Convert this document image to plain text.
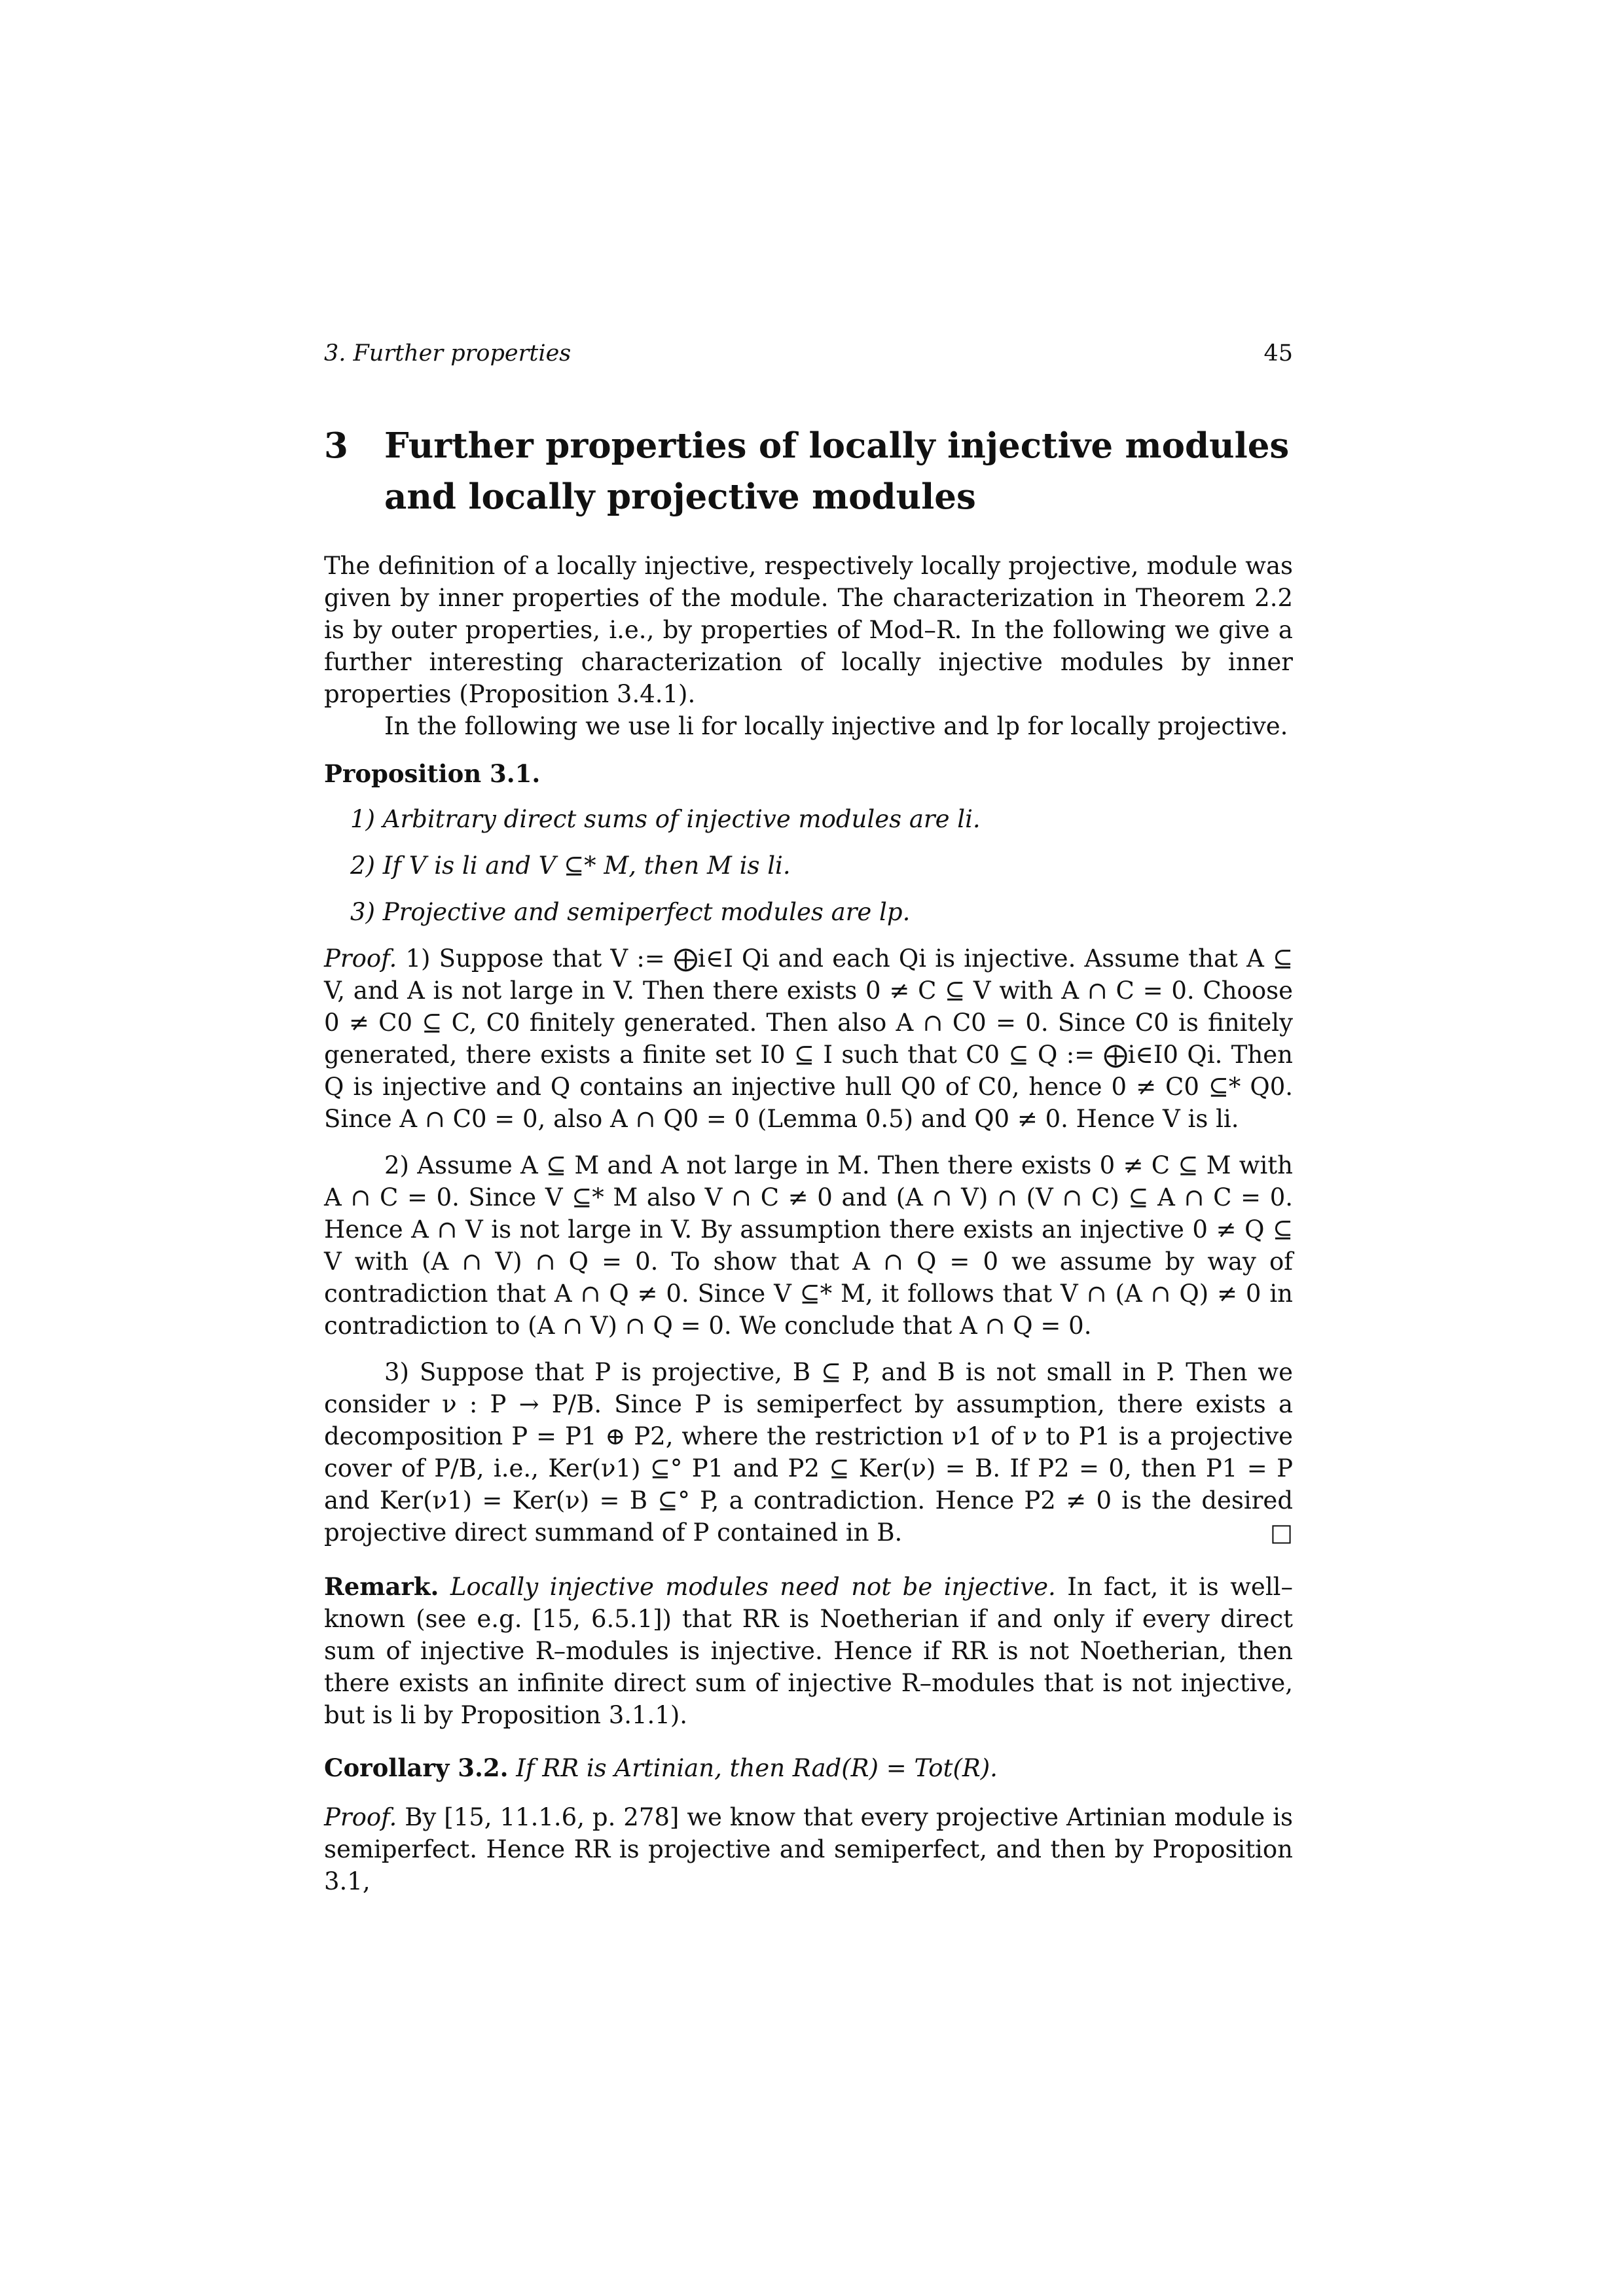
3. Further properties	45
3	Further properties of locally injective modules and locally projective modules

The definition of a locally injective, respectively locally projective, module was given by inner properties of the module. The characterization in Theorem 2.2 is by outer properties, i.e., by properties of Mod–R. In the following we give a further interesting characterization of locally injective modules by inner properties (Proposition 3.4.1).

In the following we use li for locally injective and lp for locally projective.

Proposition 3.1.

1) Arbitrary direct sums of injective modules are li.
2) If V is li and V ⊆* M, then M is li.
3) Projective and semiperfect modules are lp.

Proof. 1) Suppose that V := ⨁i∈I Qi and each Qi is injective. Assume that A ⊆ V, and A is not large in V. Then there exists 0 ≠ C ⊆ V with A ∩ C = 0. Choose 0 ≠ C0 ⊆ C, C0 finitely generated. Then also A ∩ C0 = 0. Since C0 is finitely generated, there exists a finite set I0 ⊆ I such that C0 ⊆ Q := ⨁i∈I0 Qi. Then Q is injective and Q contains an injective hull Q0 of C0, hence 0 ≠ C0 ⊆* Q0. Since A ∩ C0 = 0, also A ∩ Q0 = 0 (Lemma 0.5) and Q0 ≠ 0. Hence V is li.

2) Assume A ⊆ M and A not large in M. Then there exists 0 ≠ C ⊆ M with A ∩ C = 0. Since V ⊆* M also V ∩ C ≠ 0 and (A ∩ V) ∩ (V ∩ C) ⊆ A ∩ C = 0. Hence A ∩ V is not large in V. By assumption there exists an injective 0 ≠ Q ⊆ V with (A ∩ V) ∩ Q = 0. To show that A ∩ Q = 0 we assume by way of contradiction that A ∩ Q ≠ 0. Since V ⊆* M, it follows that V ∩ (A ∩ Q) ≠ 0 in contradiction to (A ∩ V) ∩ Q = 0. We conclude that A ∩ Q = 0.

3) Suppose that P is projective, B ⊆ P, and B is not small in P. Then we consider ν : P → P/B. Since P is semiperfect by assumption, there exists a decomposition P = P1 ⊕ P2, where the restriction ν1 of ν to P1 is a projective cover of P/B, i.e., Ker(ν1) ⊆° P1 and P2 ⊆ Ker(ν) = B. If P2 = 0, then P1 = P and Ker(ν1) = Ker(ν) = B ⊆° P, a contradiction. Hence P2 ≠ 0 is the desired projective direct summand of P contained in B.	□

Remark. Locally injective modules need not be injective. In fact, it is well–known (see e.g. [15, 6.5.1]) that RR is Noetherian if and only if every direct sum of injective R–modules is injective. Hence if RR is not Noetherian, then there exists an infinite direct sum of injective R–modules that is not injective, but is li by Proposition 3.1.1).

Corollary 3.2. If RR is Artinian, then Rad(R) = Tot(R).

Proof. By [15, 11.1.6, p. 278] we know that every projective Artinian module is semiperfect. Hence RR is projective and semiperfect, and then by Proposition 3.1,
